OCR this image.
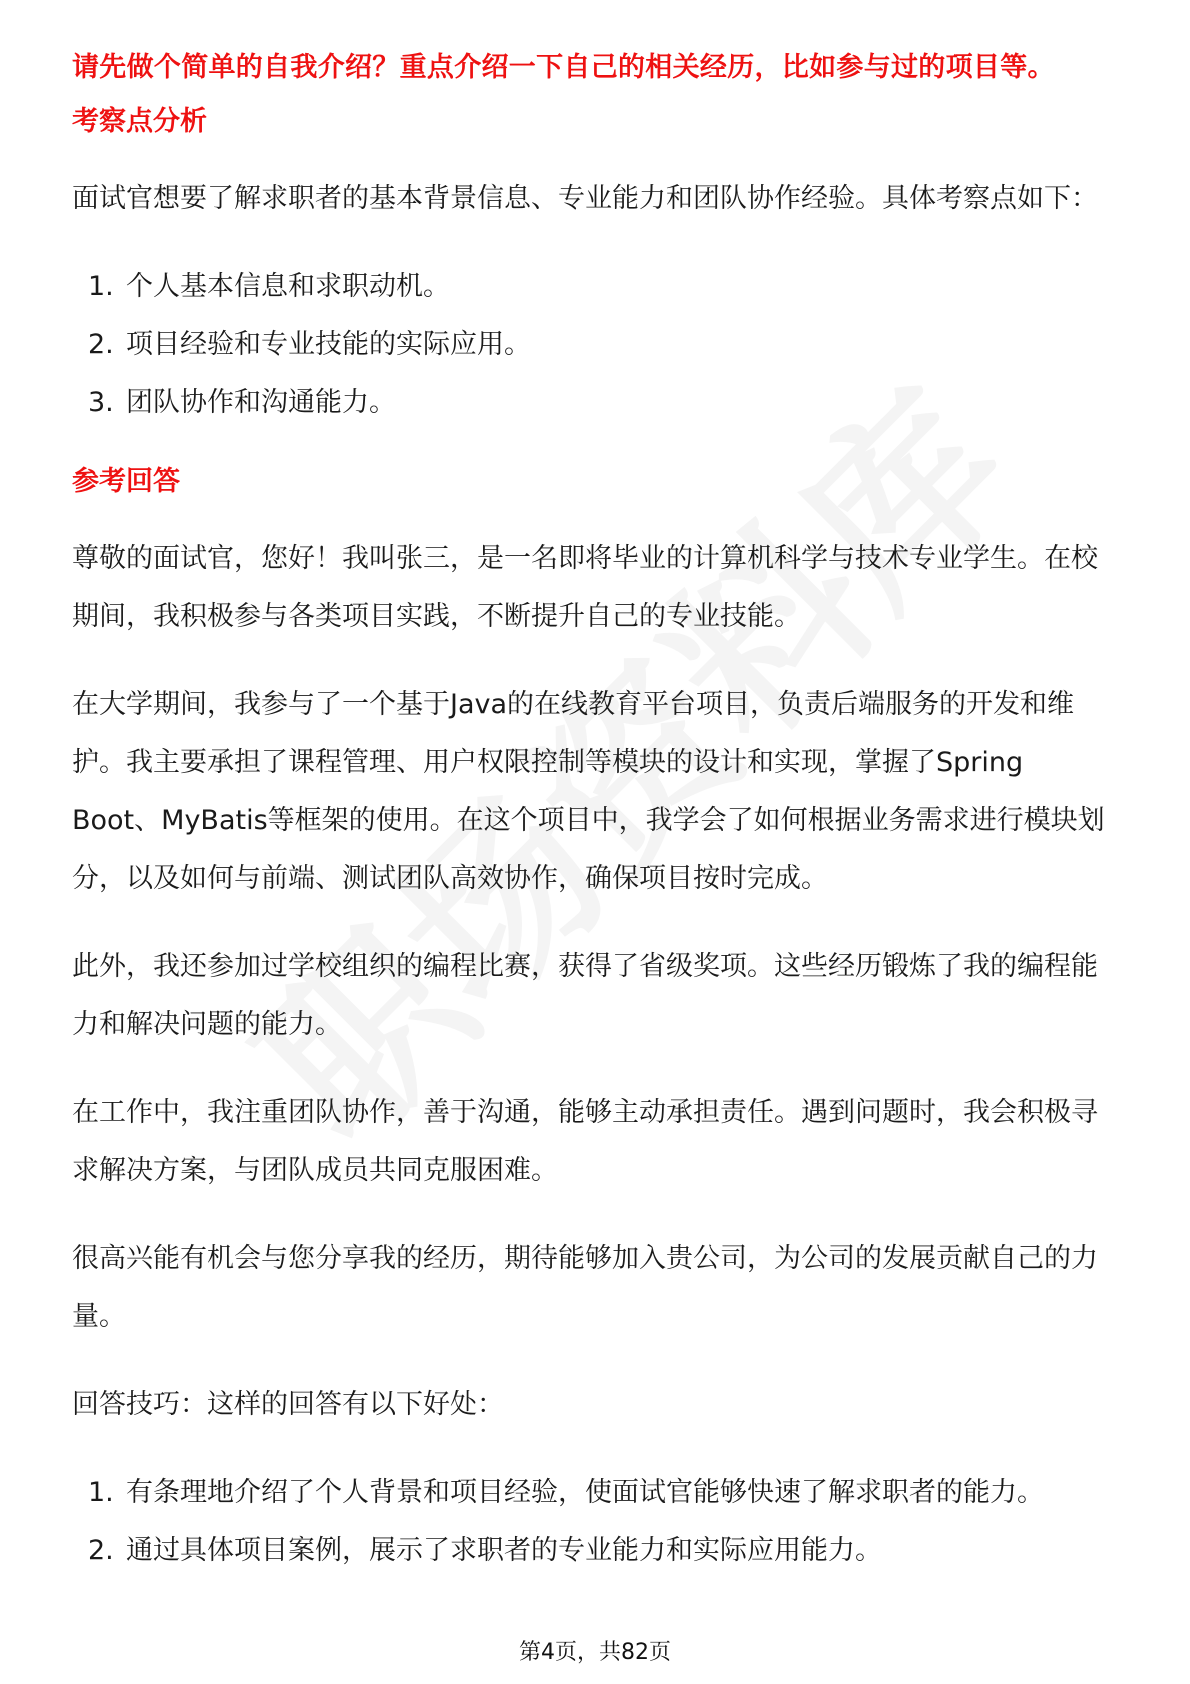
请先做个简单的自我介绍？重点介绍一下自己的相关经历，比如参与过的项目等。
考察点分析
面试官想要了解求职者的基本背景信息、专业能力和团队协作经验。具体考察点如下：
1. 个人基本信息和求职动机。
2. 项目经验和专业技能的实际应用。
3. 团队协作和沟通能力。
参考回答
尊敬的面试官，您好！我叫张三，是一名即将毕业的计算机科学与技术专业学生。在校期间，我积极参与各类项目实践，不断提升自己的专业技能。
在大学期间，我参与了一个基于Java的在线教育平台项目，负责后端服务的开发和维护。我主要承担了课程管理、用户权限控制等模块的设计和实现，掌握了Spring Boot、MyBatis等框架的使用。在这个项目中，我学会了如何根据业务需求进行模块划分，以及如何与前端、测试团队高效协作，确保项目按时完成。
此外，我还参加过学校组织的编程比赛，获得了省级奖项。这些经历锻炼了我的编程能力和解决问题的能力。
在工作中，我注重团队协作，善于沟通，能够主动承担责任。遇到问题时，我会积极寻求解决方案，与团队成员共同克服困难。
很高兴能有机会与您分享我的经历，期待能够加入贵公司，为公司的发展贡献自己的力量。
回答技巧：这样的回答有以下好处：
1. 有条理地介绍了个人背景和项目经验，使面试官能够快速了解求职者的能力。
2. 通过具体项目案例，展示了求职者的专业能力和实际应用能力。
第4页，共82页
